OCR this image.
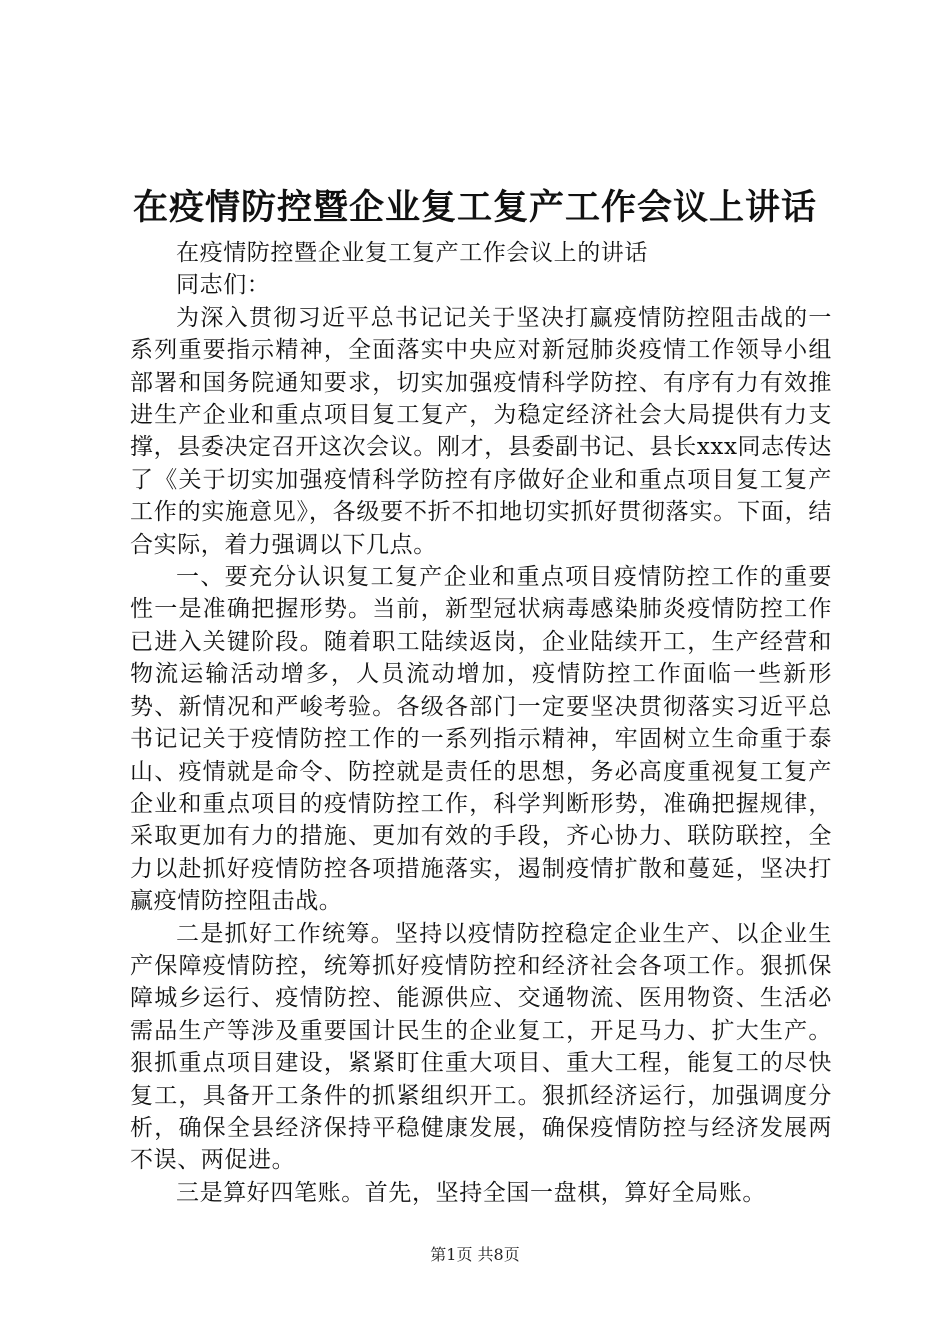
在疫情防控暨企业复工复产工作会议上讲话

在疫情防控暨企业复工复产工作会议上的讲话

同志们：

为深入贯彻习近平总书记记关于坚决打赢疫情防控阻击战的一系列重要指示精神，全面落实中央应对新冠肺炎疫情工作领导小组部署和国务院通知要求，切实加强疫情科学防控、有序有力有效推进生产企业和重点项目复工复产，为稳定经济社会大局提供有力支撑，县委决定召开这次会议。刚才，县委副书记、县长xxx同志传达了《关于切实加强疫情科学防控有序做好企业和重点项目复工复产工作的实施意见》，各级要不折不扣地切实抓好贯彻落实。下面，结合实际，着力强调以下几点。

一、要充分认识复工复产企业和重点项目疫情防控工作的重要性一是准确把握形势。当前，新型冠状病毒感染肺炎疫情防控工作已进入关键阶段。随着职工陆续返岗，企业陆续开工，生产经营和物流运输活动增多，人员流动增加，疫情防控工作面临一些新形势、新情况和严峻考验。各级各部门一定要坚决贯彻落实习近平总书记记关于疫情防控工作的一系列指示精神，牢固树立生命重于泰山、疫情就是命令、防控就是责任的思想，务必高度重视复工复产企业和重点项目的疫情防控工作，科学判断形势，准确把握规律，采取更加有力的措施、更加有效的手段，齐心协力、联防联控，全力以赴抓好疫情防控各项措施落实，遏制疫情扩散和蔓延，坚决打赢疫情防控阻击战。

二是抓好工作统筹。坚持以疫情防控稳定企业生产、以企业生产保障疫情防控，统筹抓好疫情防控和经济社会各项工作。狠抓保障城乡运行、疫情防控、能源供应、交通物流、医用物资、生活必需品生产等涉及重要国计民生的企业复工，开足马力、扩大生产。狠抓重点项目建设，紧紧盯住重大项目、重大工程，能复工的尽快复工，具备开工条件的抓紧组织开工。狠抓经济运行，加强调度分析，确保全县经济保持平稳健康发展，确保疫情防控与经济发展两不误、两促进。

三是算好四笔账。首先，坚持全国一盘棋，算好全局账。

第1页 共8页
